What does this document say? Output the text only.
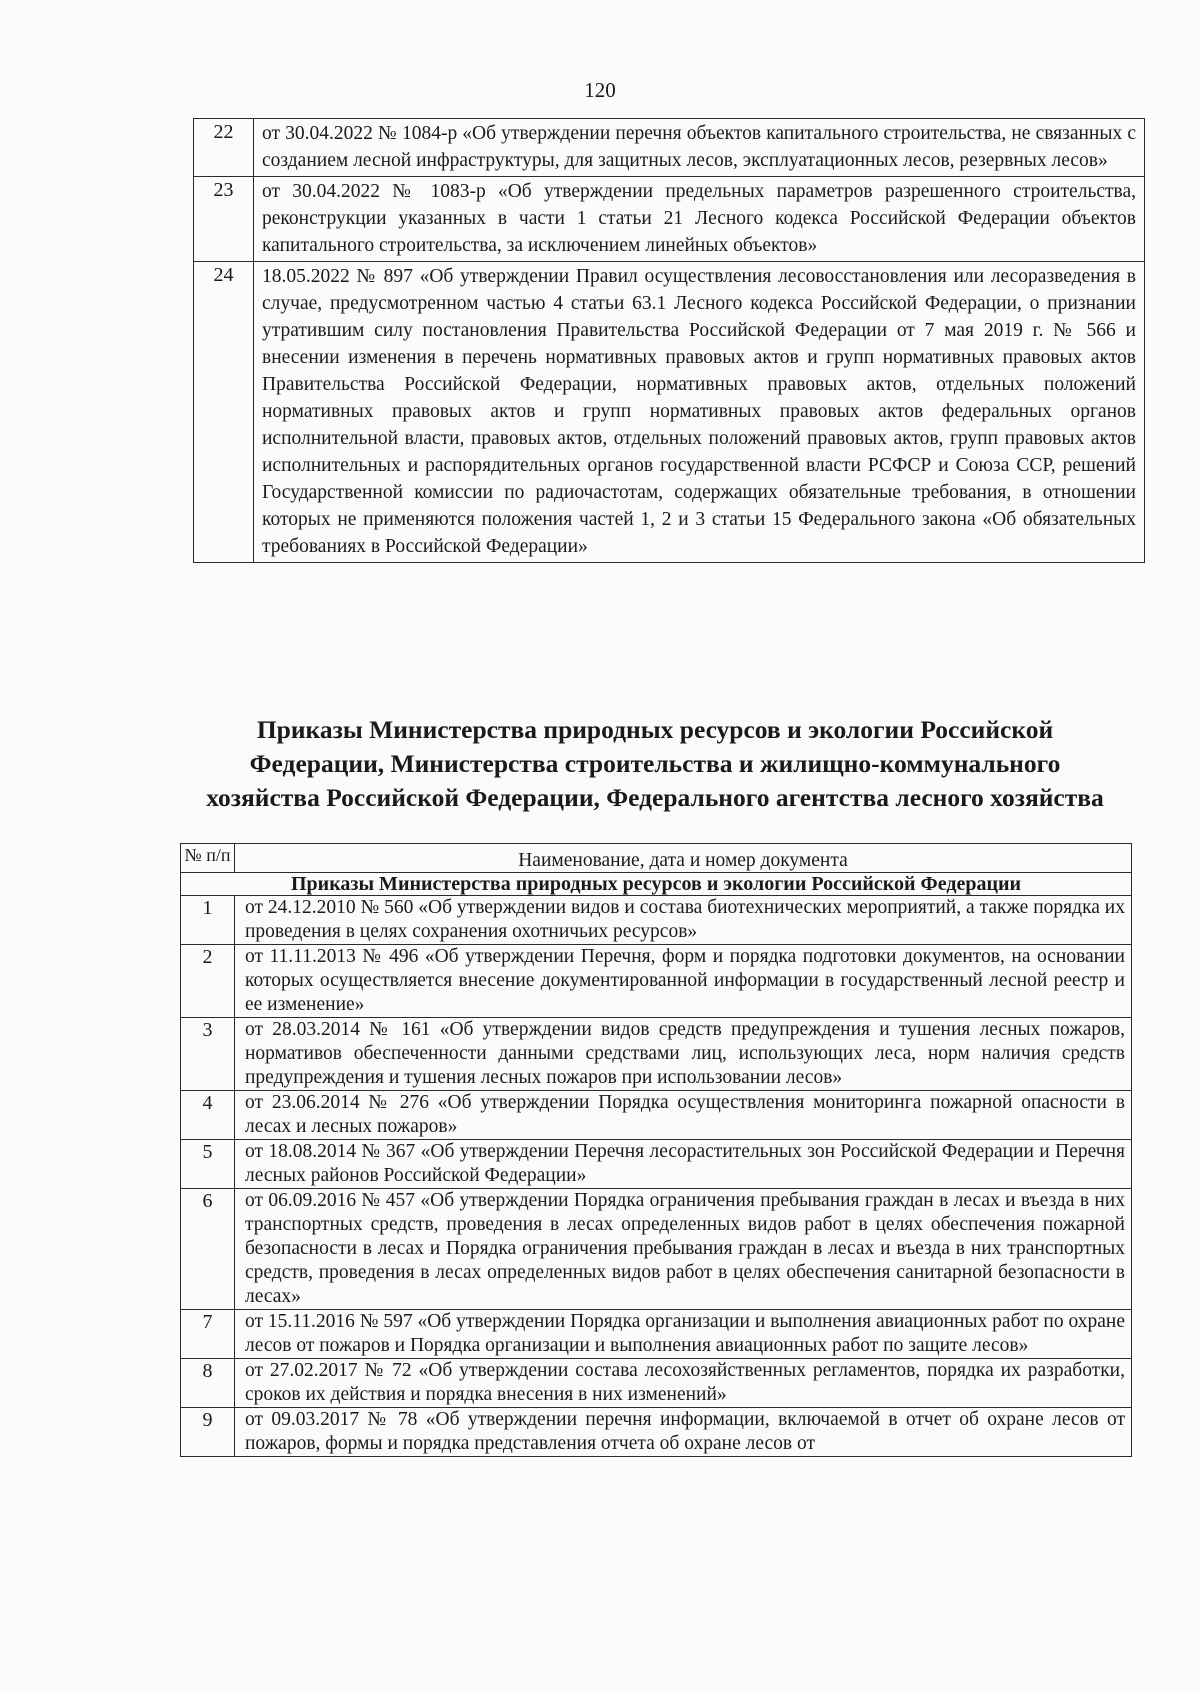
120
22	от 30.04.2022 № 1084-р «Об утверждении перечня объектов капитального строительства, не связанных с созданием лесной инфраструктуры, для защитных лесов, эксплуатационных лесов, резервных лесов»
23	от 30.04.2022 № 1083-р «Об утверждении предельных параметров разрешенного строительства, реконструкции указанных в части 1 статьи 21 Лесного кодекса Российской Федерации объектов капитального строительства, за исключением линейных объектов»
24	18.05.2022 № 897 «Об утверждении Правил осуществления лесовосстановления или лесоразведения в случае, предусмотренном частью 4 статьи 63.1 Лесного кодекса Российской Федерации, о признании утратившим силу постановления Правительства Российской Федерации от 7 мая 2019 г. № 566 и внесении изменения в перечень нормативных правовых актов и групп нормативных правовых актов Правительства Российской Федерации, нормативных правовых актов, отдельных положений нормативных правовых актов и групп нормативных правовых актов федеральных органов исполнительной власти, правовых актов, отдельных положений правовых актов, групп правовых актов исполнительных и распорядительных органов государственной власти РСФСР и Союза ССР, решений Государственной комиссии по радиочастотам, содержащих обязательные требования, в отношении которых не применяются положения частей 1, 2 и 3 статьи 15 Федерального закона «Об обязательных требованиях в Российской Федерации»
Приказы Министерства природных ресурсов и экологии Российской Федерации, Министерства строительства и жилищно-коммунального хозяйства Российской Федерации, Федерального агентства лесного хозяйства
№ п/п	Наименование, дата и номер документа
Приказы Министерства природных ресурсов и экологии Российской Федерации	
1	от 24.12.2010 № 560 «Об утверждении видов и состава биотехнических мероприятий, а также порядка их проведения в целях сохранения охотничьих ресурсов»
2	от 11.11.2013 № 496 «Об утверждении Перечня, форм и порядка подготовки документов, на основании которых осуществляется внесение документированной информации в государственный лесной реестр и ее изменение»
3	от 28.03.2014 № 161 «Об утверждении видов средств предупреждения и тушения лесных пожаров, нормативов обеспеченности данными средствами лиц, использующих леса, норм наличия средств предупреждения и тушения лесных пожаров при использовании лесов»
4	от 23.06.2014 № 276 «Об утверждении Порядка осуществления мониторинга пожарной опасности в лесах и лесных пожаров»
5	от 18.08.2014 № 367 «Об утверждении Перечня лесорастительных зон Российской Федерации и Перечня лесных районов Российской Федерации»
6	от 06.09.2016 № 457 «Об утверждении Порядка ограничения пребывания граждан в лесах и въезда в них транспортных средств, проведения в лесах определенных видов работ в целях обеспечения пожарной безопасности в лесах и Порядка ограничения пребывания граждан в лесах и въезда в них транспортных средств, проведения в лесах определенных видов работ в целях обеспечения санитарной безопасности в лесах»
7	от 15.11.2016 № 597 «Об утверждении Порядка организации и выполнения авиационных работ по охране лесов от пожаров и Порядка организации и выполнения авиационных работ по защите лесов»
8	от 27.02.2017 № 72 «Об утверждении состава лесохозяйственных регламентов, порядка их разработки, сроков их действия и порядка внесения в них изменений»
9	от 09.03.2017 № 78 «Об утверждении перечня информации, включаемой в отчет об охране лесов от пожаров, формы и порядка представления отчета об охране лесов от
